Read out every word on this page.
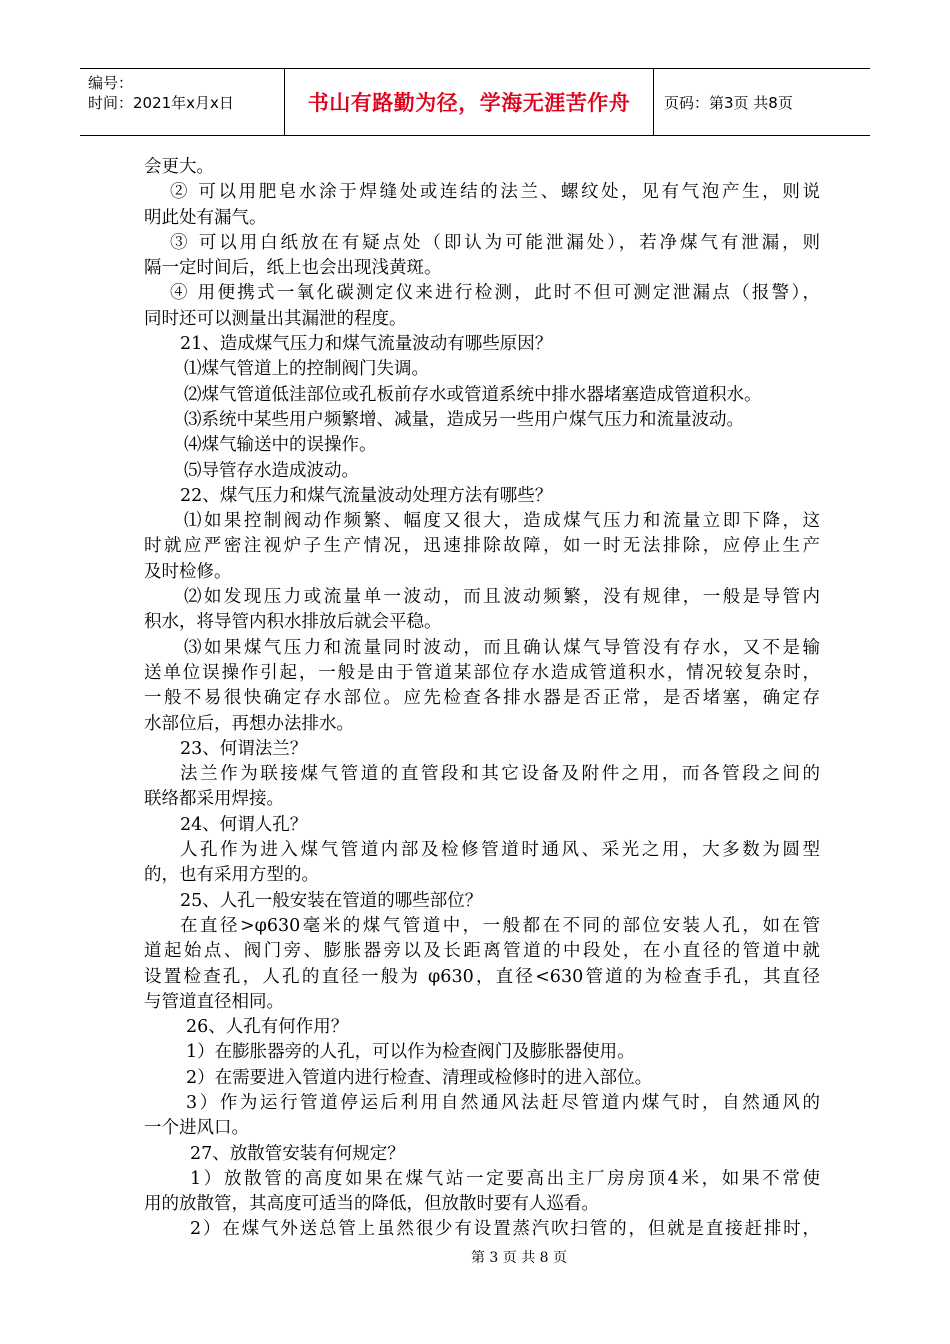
编号：
时间：2021年x月x日	书山有路勤为径，学海无涯苦作舟	页码：第3页 共8页

会更大。

② 可以用肥皂水涂于焊缝处或连结的法兰、螺纹处，见有气泡产生，则说

明此处有漏气。

③ 可以用白纸放在有疑点处（即认为可能泄漏处），若净煤气有泄漏，则

隔一定时间后，纸上也会出现浅黄斑。

④ 用便携式一氧化碳测定仪来进行检测，此时不但可测定泄漏点（报警），

同时还可以测量出其漏泄的程度。

21、造成煤气压力和煤气流量波动有哪些原因？

⑴煤气管道上的控制阀门失调。

⑵煤气管道低洼部位或孔板前存水或管道系统中排水器堵塞造成管道积水。

⑶系统中某些用户频繁增、减量，造成另一些用户煤气压力和流量波动。

⑷煤气输送中的误操作。

⑸导管存水造成波动。

22、煤气压力和煤气流量波动处理方法有哪些？

⑴如果控制阀动作频繁、幅度又很大，造成煤气压力和流量立即下降，这

时就应严密注视炉子生产情况，迅速排除故障，如一时无法排除，应停止生产

及时检修。

⑵如发现压力或流量单一波动，而且波动频繁，没有规律，一般是导管内

积水，将导管内积水排放后就会平稳。

⑶如果煤气压力和流量同时波动，而且确认煤气导管没有存水，又不是输

送单位误操作引起，一般是由于管道某部位存水造成管道积水，情况较复杂时，

一般不易很快确定存水部位。应先检查各排水器是否正常，是否堵塞，确定存

水部位后，再想办法排水。

23、何谓法兰？

法兰作为联接煤气管道的直管段和其它设备及附件之用，而各管段之间的

联络都采用焊接。

24、何谓人孔？

人孔作为进入煤气管道内部及检修管道时通风、采光之用，大多数为圆型

的，也有采用方型的。

25、人孔一般安装在管道的哪些部位？

在直径>φ630毫米的煤气管道中，一般都在不同的部位安装人孔，如在管

道起始点、阀门旁、膨胀器旁以及长距离管道的中段处，在小直径的管道中就

设置检查孔，人孔的直径一般为 φ630，直径<630管道的为检查手孔，其直径

与管道直径相同。

26、人孔有何作用？

1）在膨胀器旁的人孔，可以作为检查阀门及膨胀器使用。

2）在需要进入管道内进行检查、清理或检修时的进入部位。

3）作为运行管道停运后利用自然通风法赶尽管道内煤气时，自然通风的

一个进风口。

27、放散管安装有何规定？

1）放散管的高度如果在煤气站一定要高出主厂房房顶4米，如果不常使

用的放散管，其高度可适当的降低，但放散时要有人巡看。

2）在煤气外送总管上虽然很少有设置蒸汽吹扫管的，但就是直接赶排时，

第 3 页 共 8 页
